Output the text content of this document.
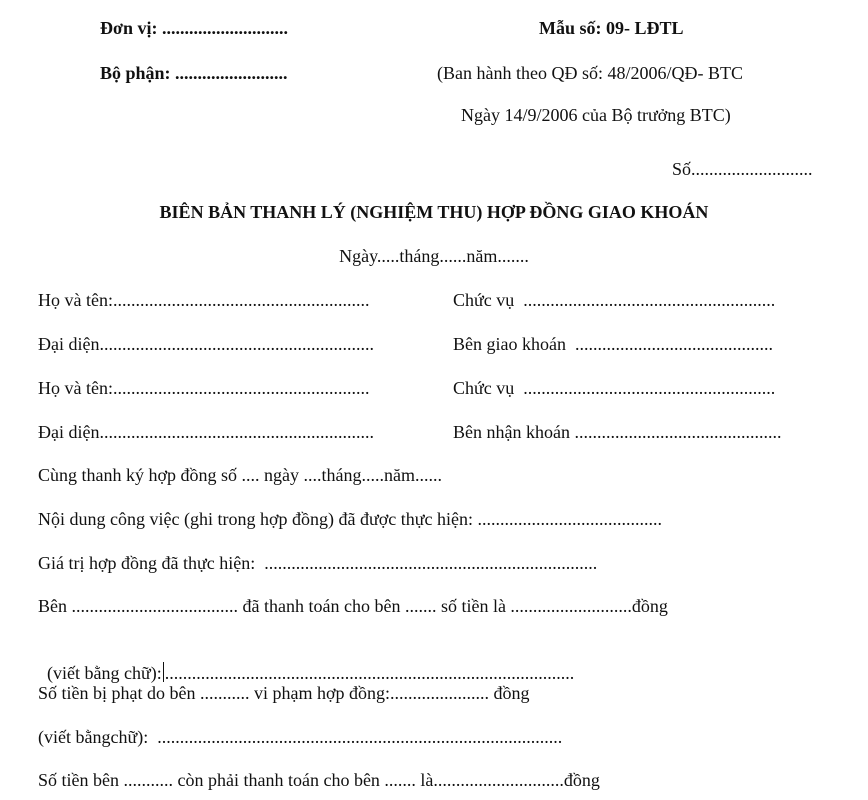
Đơn vị: ............................	Mẫu số: 09- LĐTL
Bộ phận: .........................	(Ban hành theo QĐ số: 48/2006/QĐ- BTC
Ngày 14/9/2006 của Bộ trưởng BTC)
Số...........................
BIÊN BẢN THANH LÝ (NGHIỆM THU) HỢP ĐỒNG GIAO KHOÁN
Ngày.....tháng......năm.......
Họ và tên:.........................................................	Chức vụ  ........................................................
Đại diện.............................................................	Bên giao khoán  ............................................
Họ và tên:.........................................................	Chức vụ  ........................................................
Đại diện.............................................................	Bên nhận khoán ..............................................
Cùng thanh ký hợp đồng số .... ngày ....tháng.....năm......
Nội dung công việc (ghi trong hợp đồng) đã được thực hiện: .........................................
Giá trị hợp đồng đã thực hiện:  ..........................................................................
Bên ..................................... đã thanh toán cho bên ....... số tiền là ...........................đồng

(viết bằng chữ): ...........................................................................................

Số tiền bị phạt do bên ........... vi phạm hợp đồng:...................... đồng
(viết bằngchữ):  ..........................................................................................
Số tiền bên ........... còn phải thanh toán cho bên ....... là.............................đồng
